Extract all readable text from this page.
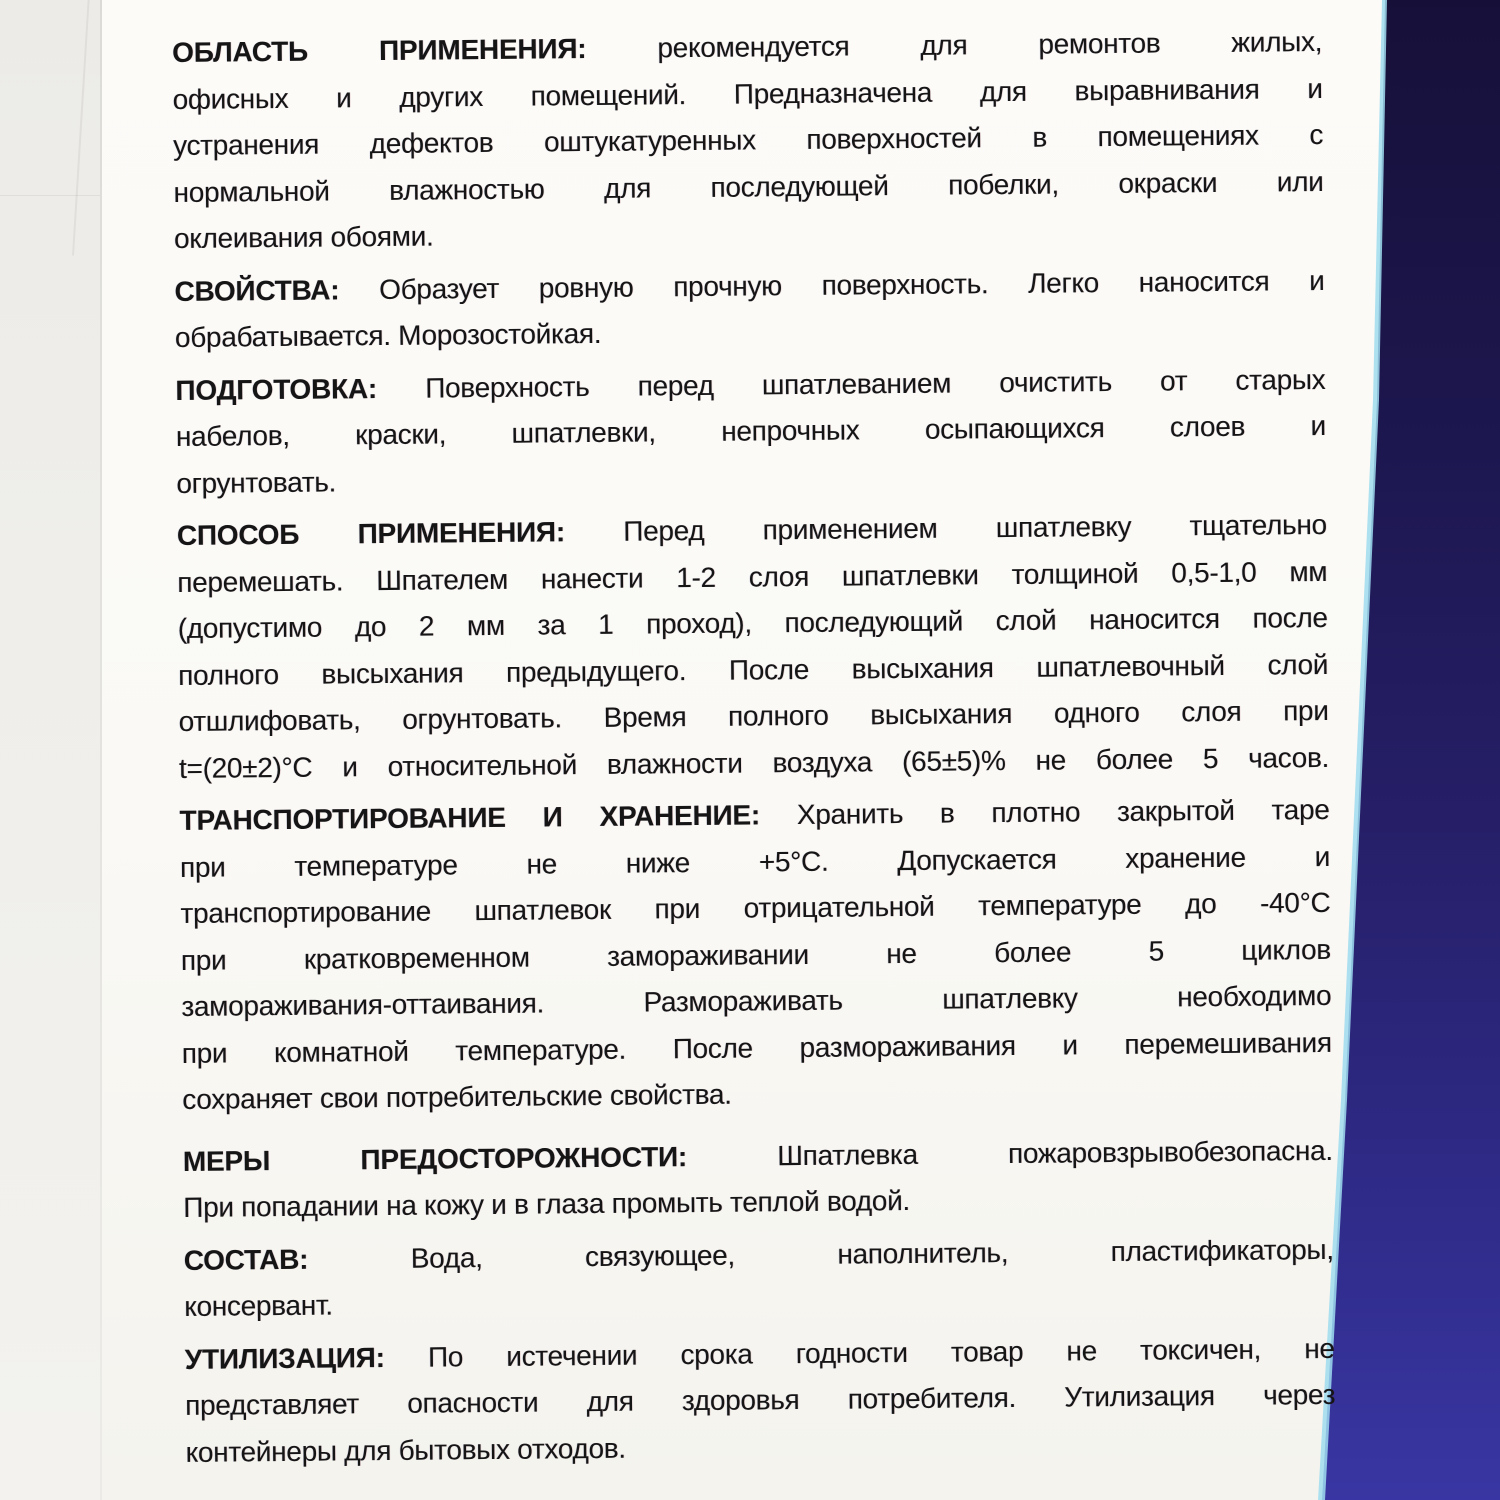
ОБЛАСТЬ ПРИМЕНЕНИЯ:	рекомендуется для ремонтов жилых,
офисных и других помещений. Предназначена для выравнивания и
устранения дефектов оштукатуренных поверхностей в помещениях с
нормальной влажностью для последующей побелки, окраски или
оклеивания обоями.
СВОЙСТВА: Образует ровную прочную поверхность. Легко наносится и
обрабатывается. Морозостойкая.
ПОДГОТОВКА: Поверхность перед шпатлеванием очистить от старых
набелов, краски, шпатлевки, непрочных осыпающихся слоев и
огрунтовать.
СПОСОБ ПРИМЕНЕНИЯ: Перед применением шпатлевку тщательно
перемешать. Шпателем нанести 1-2 слоя шпатлевки толщиной 0,5-1,0 мм
(допустимо до 2 мм за 1 проход), последующий слой наносится после
полного высыхания предыдущего. После высыхания шпатлевочный слой
отшлифовать, огрунтовать. Время полного высыхания одного слоя при
t=(20±2)°С и относительной влажности воздуха (65±5)% не более 5 часов.
ТРАНСПОРТИРОВАНИЕ И ХРАНЕНИЕ: Хранить в плотно закрытой таре
при температуре не ниже +5°С. Допускается хранение и
транспортирование шпатлевок при отрицательной температуре до -40°С
при кратковременном замораживании не более 5 циклов
замораживания-оттаивания. Размораживать шпатлевку необходимо
при комнатной температуре. После размораживания и перемешивания
сохраняет свои потребительские свойства.
МЕРЫ ПРЕДОСТОРОЖНОСТИ:	Шпатлевка пожаровзрывобезопасна.
При попадании на кожу и в глаза промыть теплой водой.
СОСТАВ:	Вода, связующее, наполнитель, пластификаторы,
консервант.
УТИЛИЗАЦИЯ: По истечении срока годности товар не токсичен, не
представляет опасности для здоровья потребителя. Утилизация через
контейнеры для бытовых отходов.
